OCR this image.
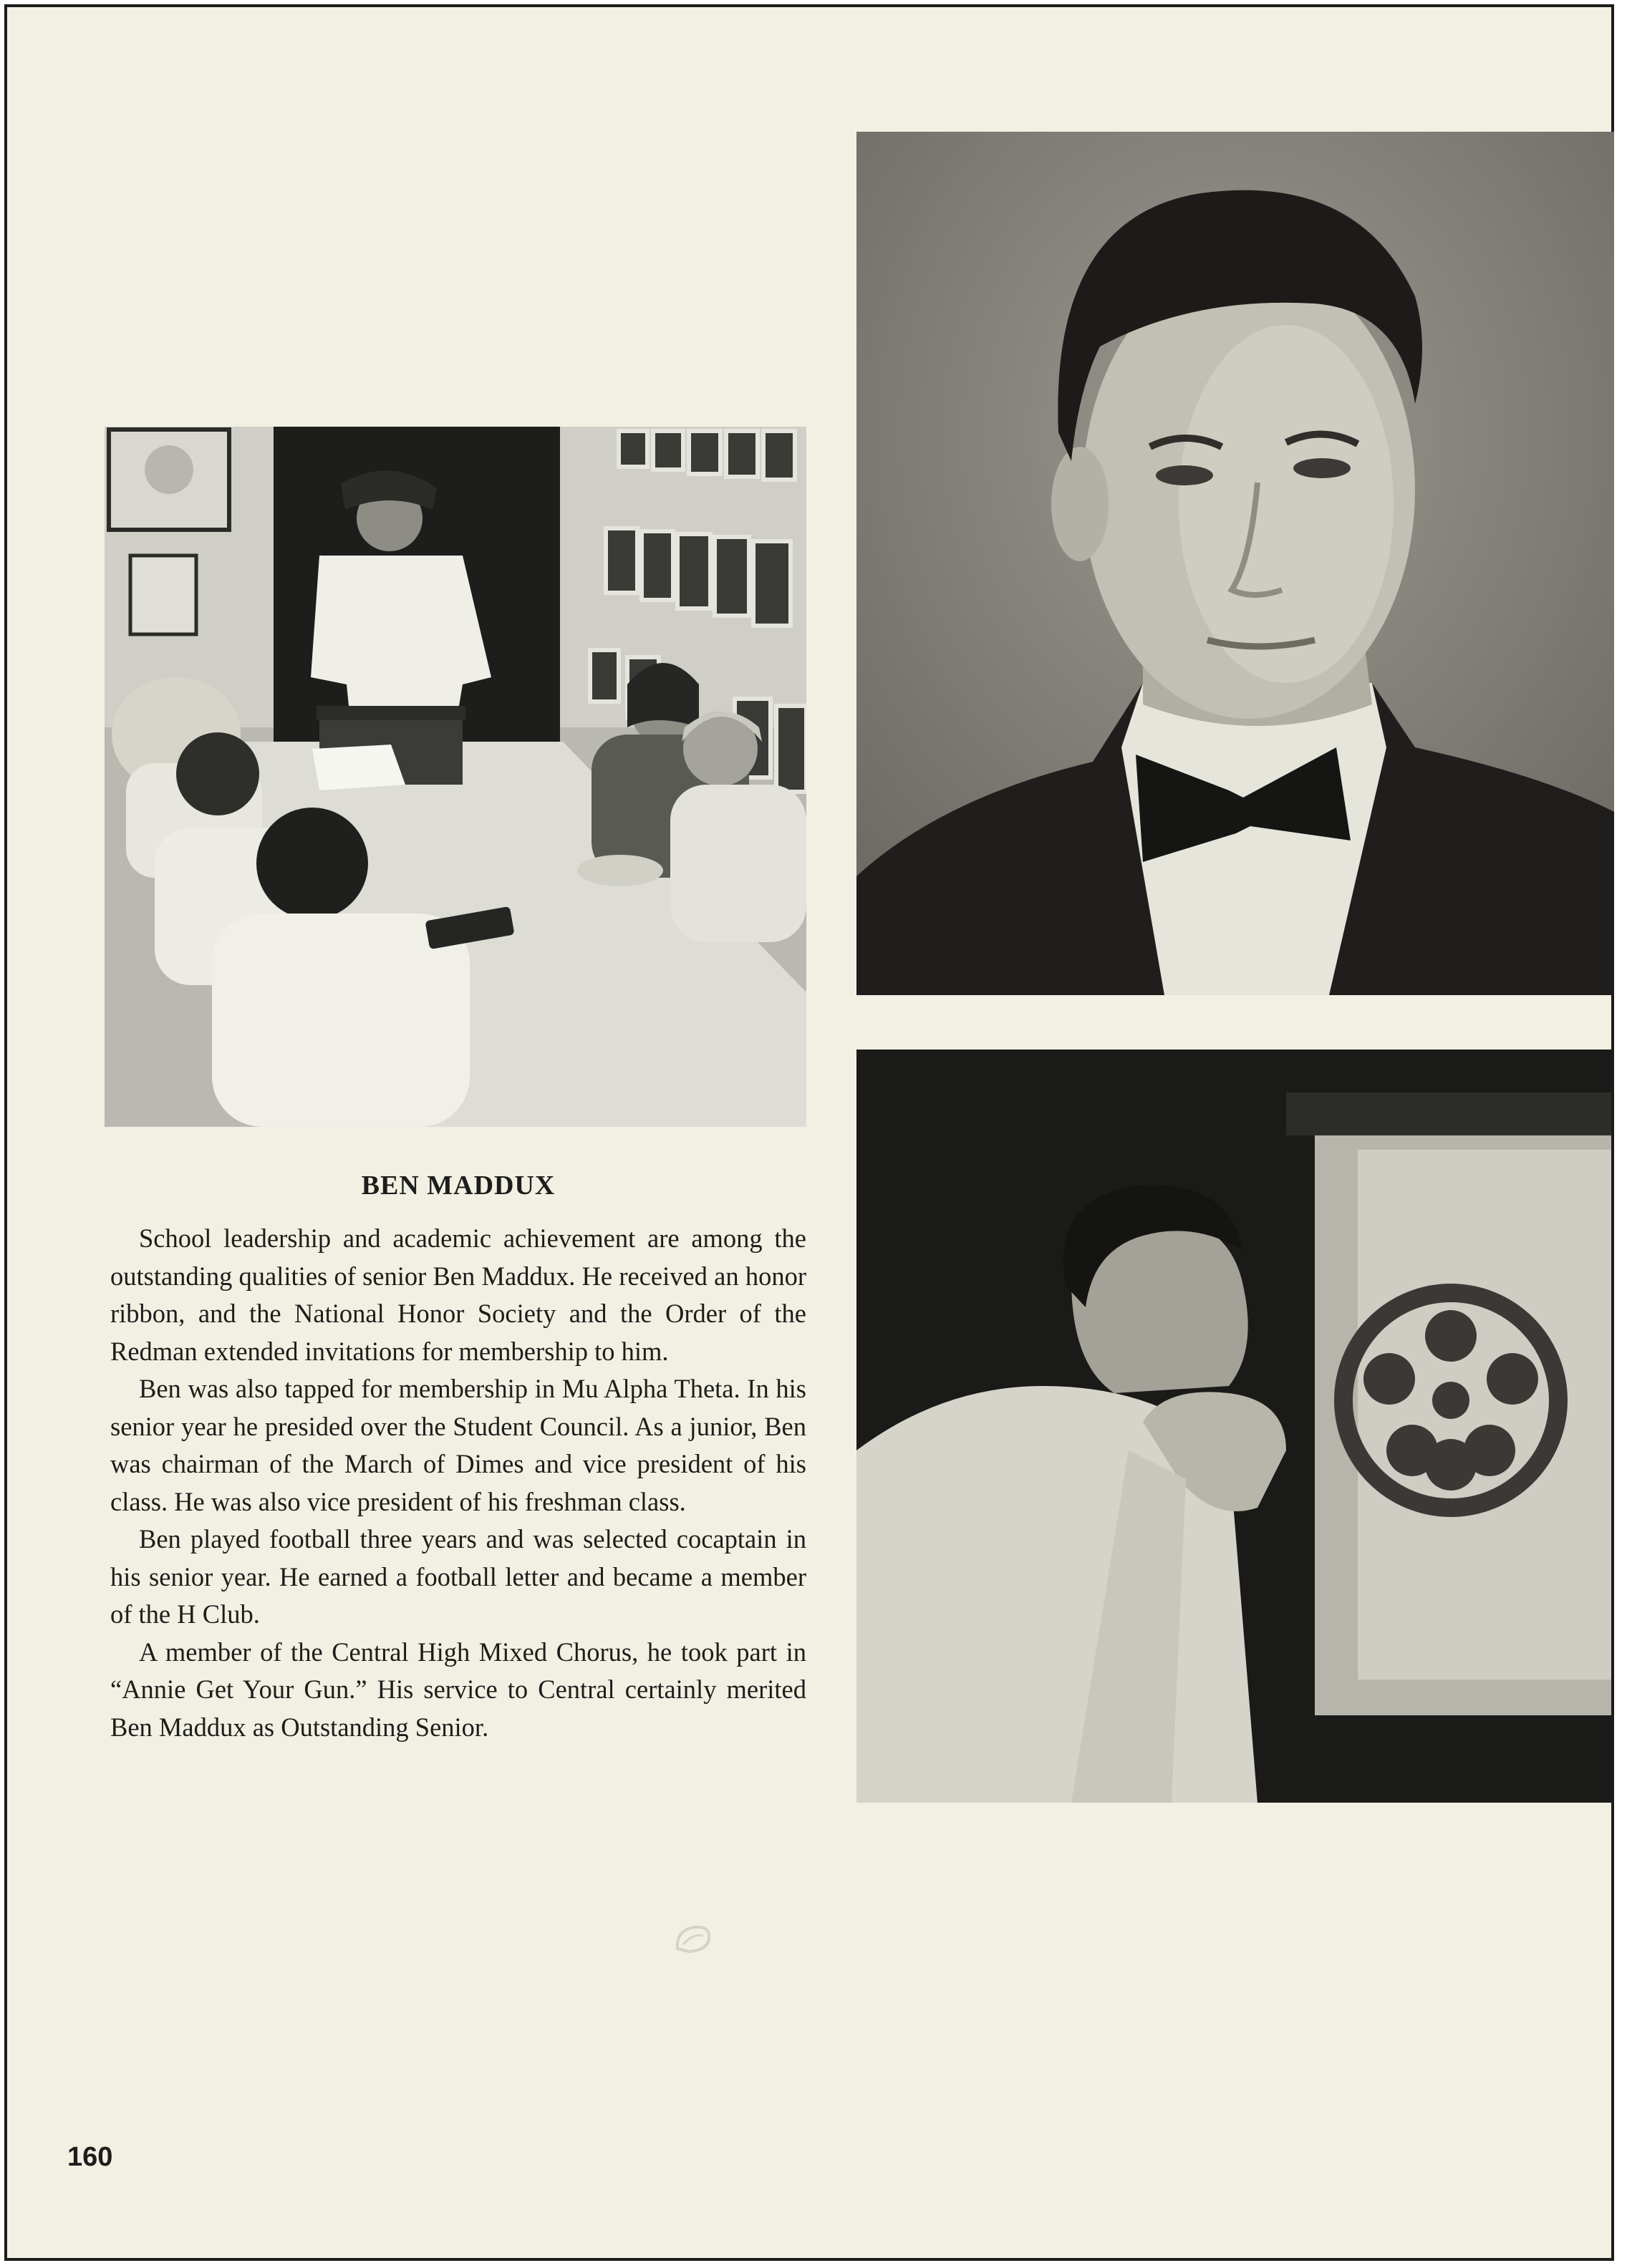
BEN MADDUX

School leadership and academic achievement are among the outstanding qualities of senior Ben Maddux. He received an honor ribbon, and the National Honor Society and the Order of the Redman extended invitations for membership to him.

Ben was also tapped for membership in Mu Alpha Theta. In his senior year he presided over the Student Council. As a junior, Ben was chairman of the March of Dimes and vice president of his class. He was also vice president of his freshman class.

Ben played football three years and was selected cocaptain in his senior year. He earned a football letter and became a member of the H Club.

A member of the Central High Mixed Chorus, he took part in “Annie Get Your Gun.” His service to Central certainly merited Ben Maddux as Outstanding Senior.

160
